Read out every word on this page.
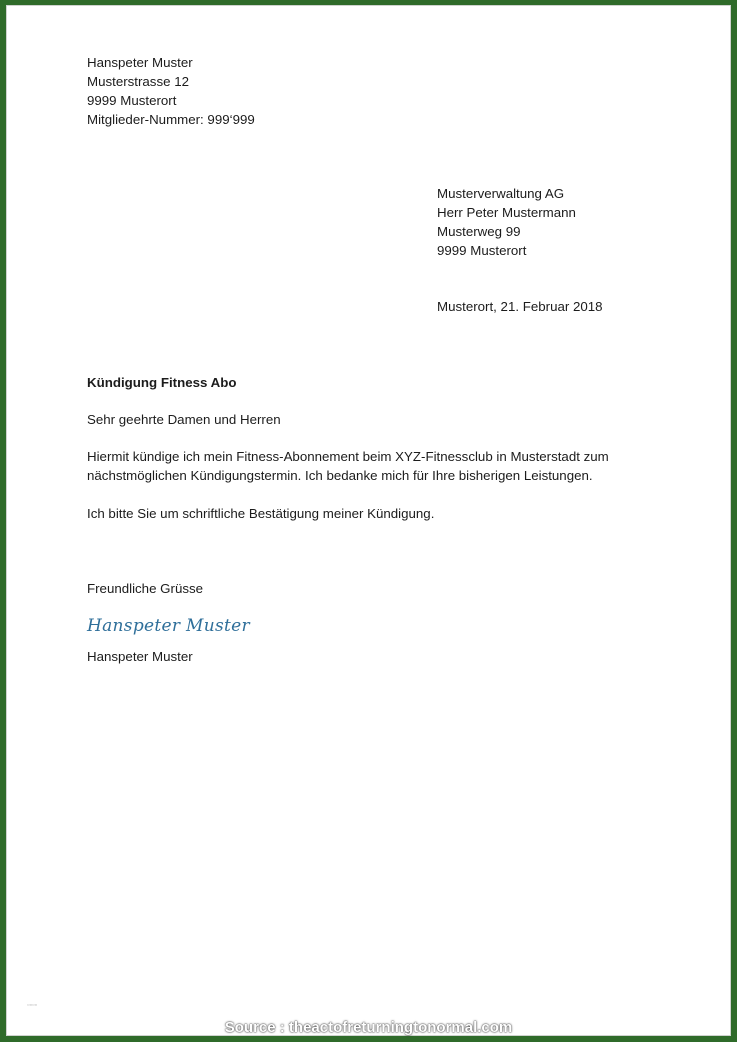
Hanspeter Muster
Musterstrasse 12
9999 Musterort
Mitglieder-Nummer: 999‘999
Musterverwaltung AG
Herr Peter Mustermann
Musterweg 99
9999 Musterort

Musterort, 21. Februar 2018

Kündigung Fitness Abo

Sehr geehrte Damen und Herren

Hiermit kündige ich mein Fitness-Abonnement beim XYZ-Fitnessclub in Musterstadt zum
nächstmöglichen Kündigungstermin. Ich bedanke mich für Ihre bisherigen Leistungen.

Ich bitte Sie um schriftliche Bestätigung meiner Kündigung.

Freundliche Grüsse

Hanspeter Muster

Hanspeter Muster

▫▫▫▫
Source : theactofreturningtonormal.com
